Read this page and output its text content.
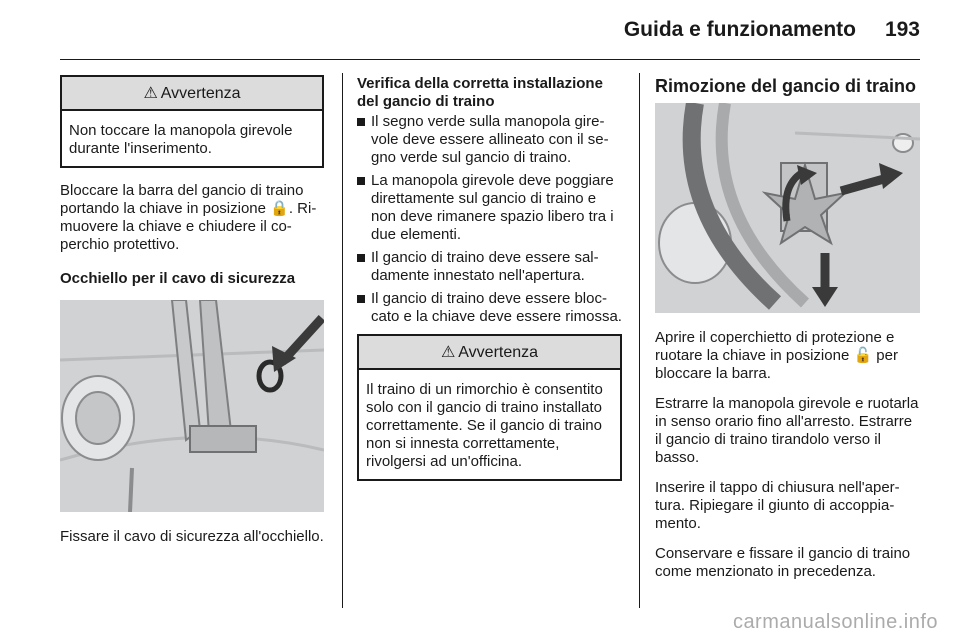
Guida e funzionamento 193
⚠ Avvertenza
Non toccare la manopola girevole durante l'inserimento.

Bloccare la barra del gancio di traino portando la chiave in posizione 🔒. Rimuovere la chiave e chiudere il coperchio protettivo.

Occhiello per il cavo di sicurezza

Fissare il cavo di sicurezza all'occhiello.

Verifica della corretta installazione del gancio di traino

Il segno verde sulla manopola girevole deve essere allineato con il segno verde sul gancio di traino.
La manopola girevole deve poggiare direttamente sul gancio di traino e non deve rimanere spazio libero tra i due elementi.
Il gancio di traino deve essere saldamente innestato nell'apertura.
Il gancio di traino deve essere bloccato e la chiave deve essere rimossa.
⚠ Avvertenza
Il traino di un rimorchio è consentito solo con il gancio di traino installato correttamente. Se il gancio di traino non si innesta correttamente, rivolgersi ad un'officina.

Rimozione del gancio di traino

Aprire il coperchietto di protezione e ruotare la chiave in posizione 🔓 per bloccare la barra.

Estrarre la manopola girevole e ruotarla in senso orario fino all'arresto. Estrarre il gancio di traino tirandolo verso il basso.

Inserire il tappo di chiusura nell'apertura. Ripiegare il giunto di accoppiamento.

Conservare e fissare il gancio di traino come menzionato in precedenza.

carmanualsonline.info
